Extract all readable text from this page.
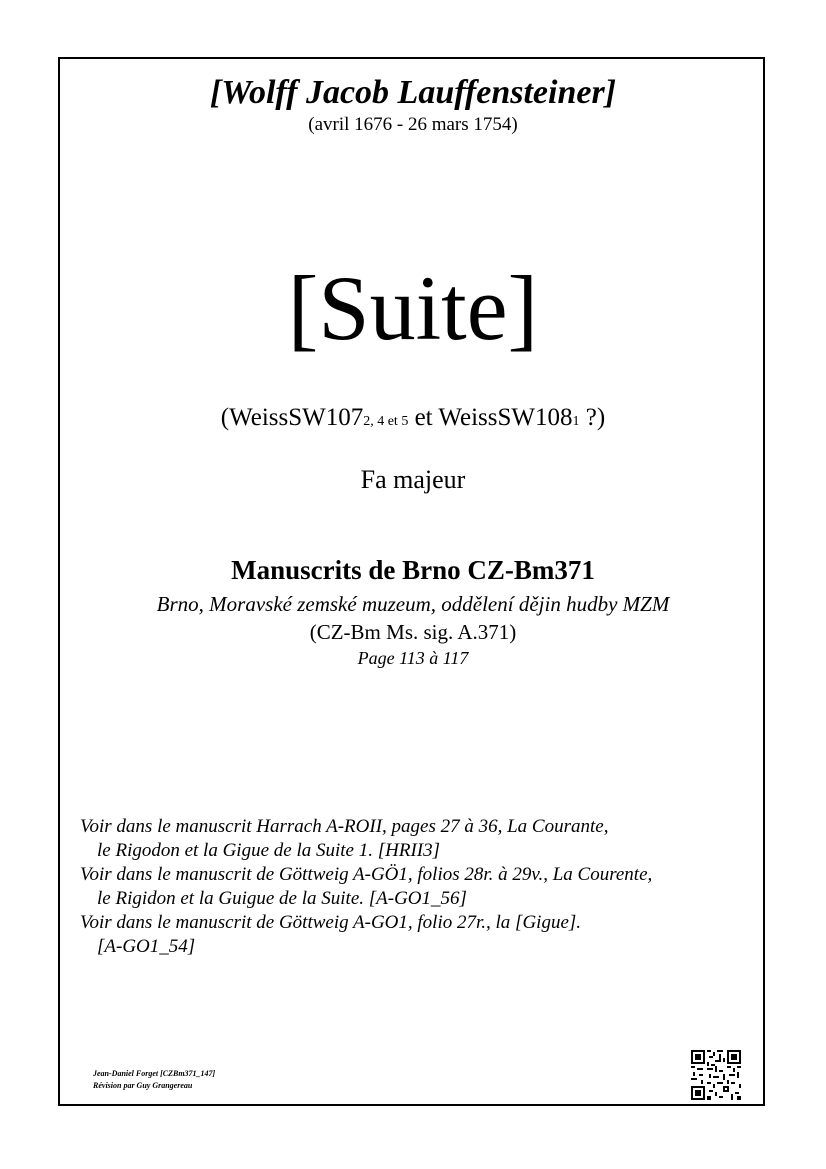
[Wolff Jacob Lauffensteiner]
(avril 1676 - 26 mars 1754)
[Suite]
(WeissSW1072, 4 et 5 et WeissSW1081 ?)
Fa majeur
Manuscrits de Brno CZ-Bm371
Brno, Moravské zemské muzeum, oddělení dějin hudby MZM
(CZ-Bm Ms. sig. A.371)
Page 113 à 117

Voir dans le manuscrit Harrach A-ROII, pages 27 à 36, La Courante,
le Rigodon et la Gigue de la Suite 1. [HRII3]

Voir dans le manuscrit de Göttweig A-GÖ1, folios 28r. à 29v., La Courente,
le Rigidon et la Guigue de la Suite. [A-GO1_56]

Voir dans le manuscrit de Göttweig A-GO1, folio 27r., la [Gigue].
[A-GO1_54]

Jean-Daniel Forget [CZBm371_147]
Révision par Guy Grangereau
